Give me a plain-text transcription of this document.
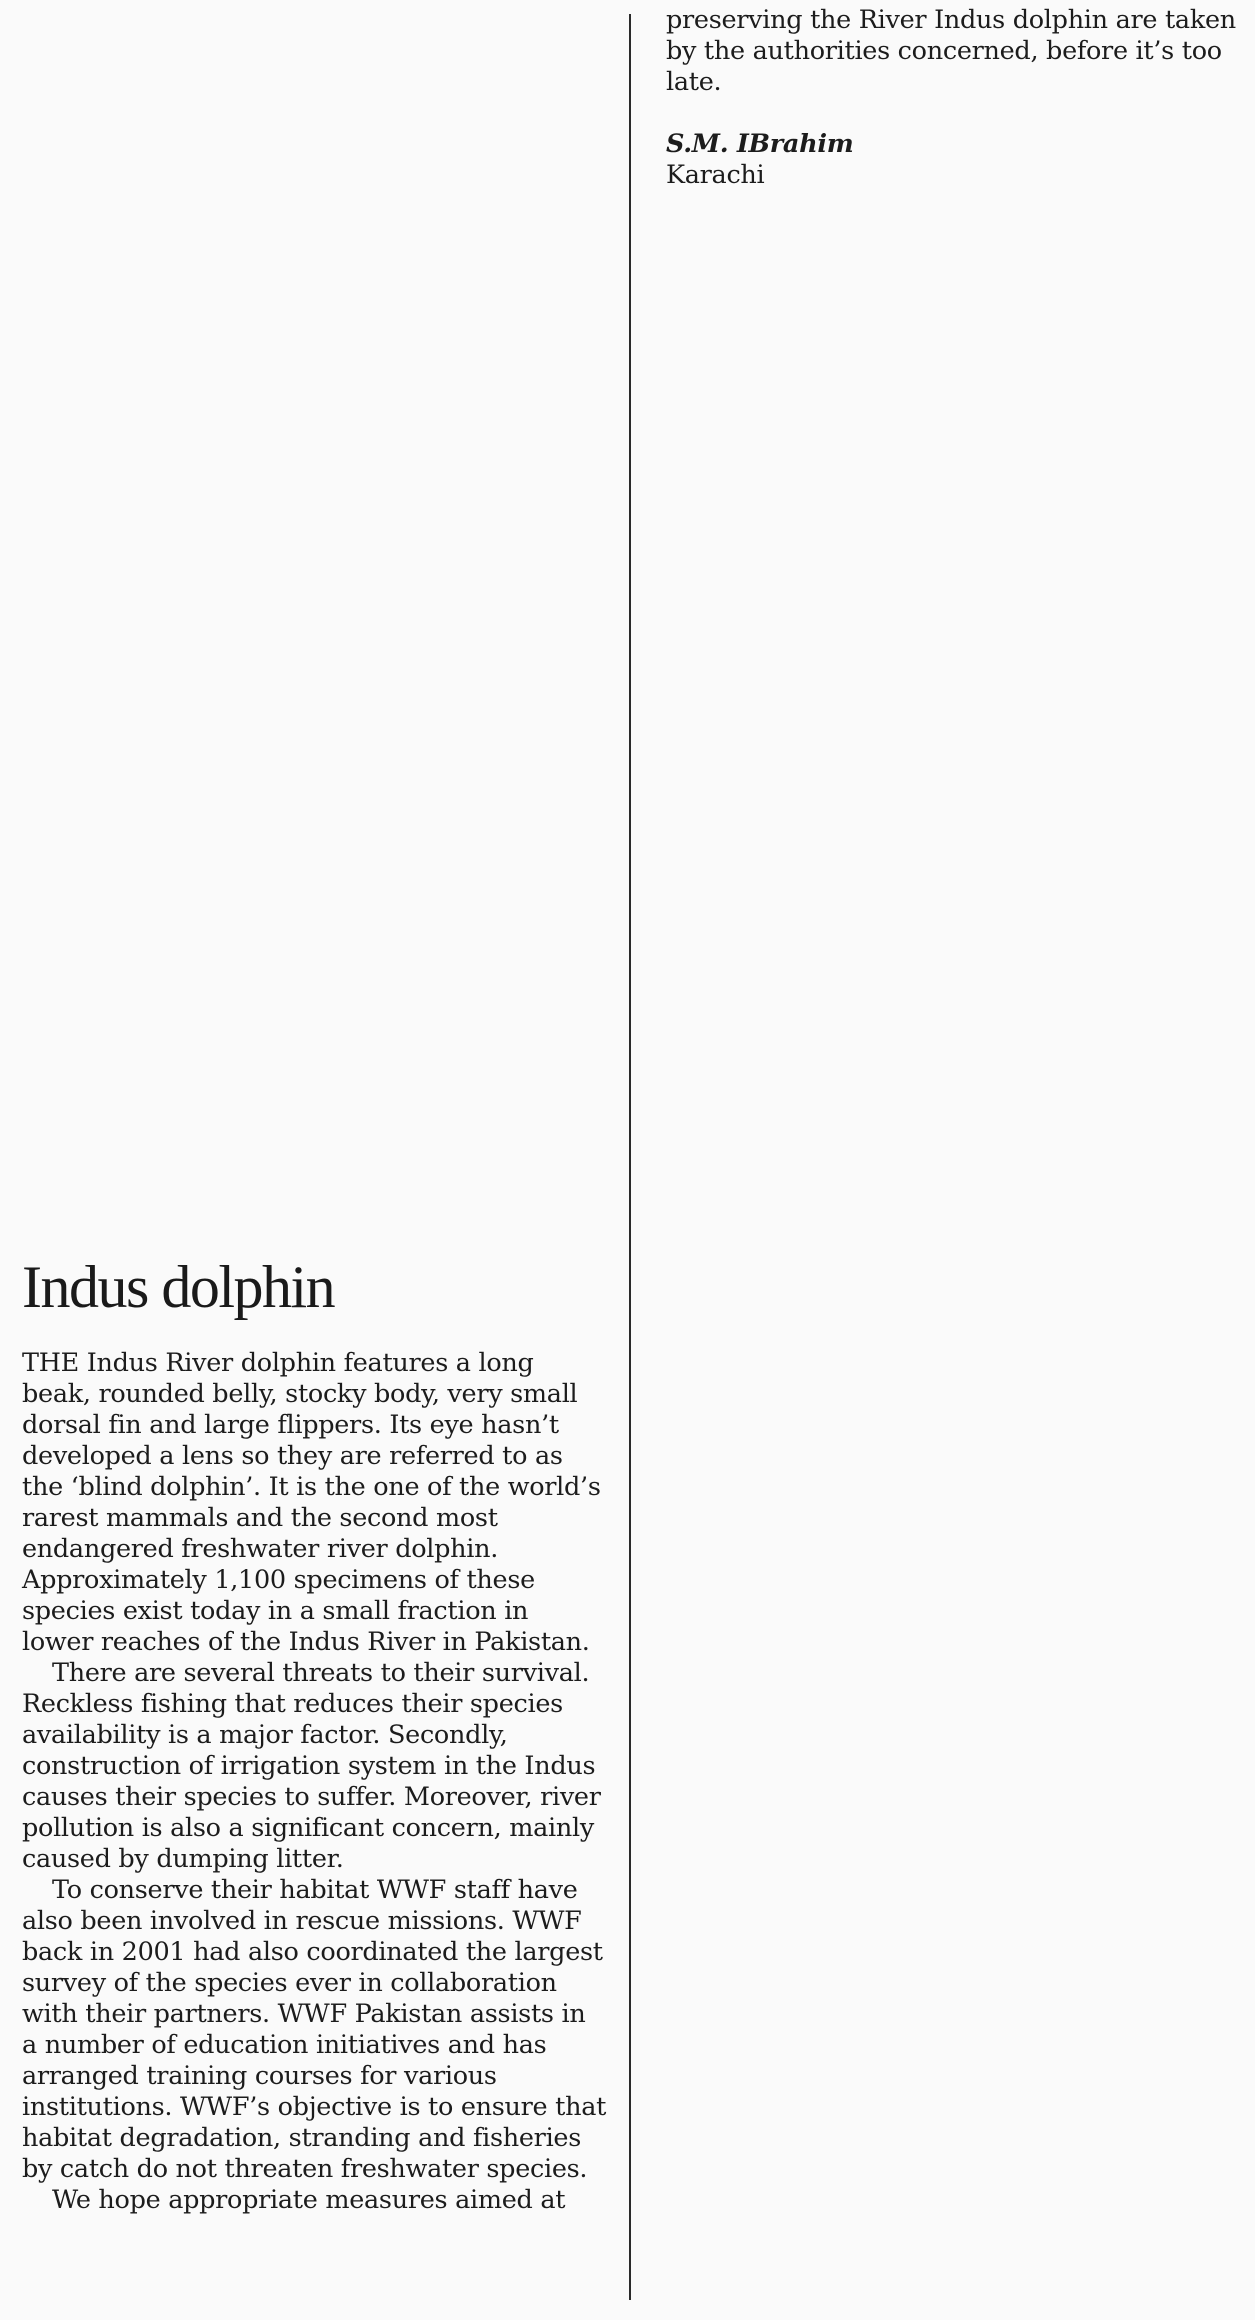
preserving the River Indus dolphin are taken by the authorities concerned, before it’s too late.

S.M. IBrahim
Karachi
Indus dolphin

THE Indus River dolphin features a long beak, rounded belly, stocky body, very small dorsal fin and large flippers. Its eye hasn’t developed a lens so they are referred to as the ‘blind dolphin’. It is the one of the world’s rarest mammals and the second most endangered freshwater river dolphin. Approximately 1,100 specimens of these species exist today in a small fraction in lower reaches of the Indus River in Pakistan.

There are several threats to their survival. Reckless fishing that reduces their species availability is a major factor. Secondly, construction of irrigation system in the Indus causes their species to suffer. Moreover, river pollution is also a significant concern, mainly caused by dumping litter.

To conserve their habitat WWF staff have also been involved in rescue missions. WWF back in 2001 had also coordinated the largest survey of the species ever in collaboration with their partners. WWF Pakistan assists in a number of education initiatives and has arranged training courses for various institutions. WWF’s objective is to ensure that habitat degradation, stranding and fisheries by catch do not threaten freshwater species.

We hope appropriate measures aimed at
